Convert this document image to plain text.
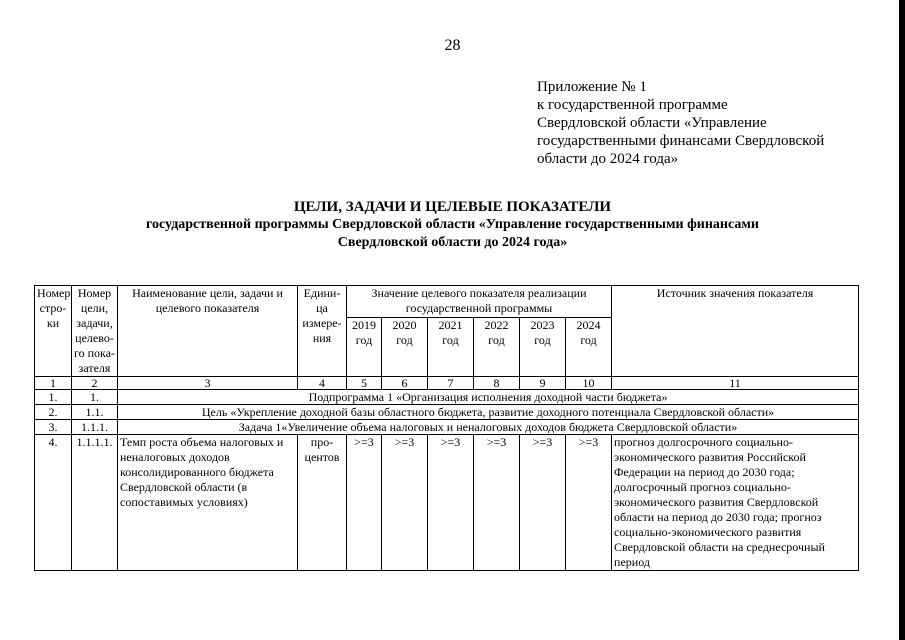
28
Приложение № 1
к государственной программе
Свердловской области «Управление
государственными финансами Свердловской
области до 2024 года»
ЦЕЛИ, ЗАДАЧИ И ЦЕЛЕВЫЕ ПОКАЗАТЕЛИ
государственной программы Свердловской области «Управление государственными финансами
Свердловской области до 2024 года»
Номер стро- ки	Номер цели, задачи, целево- го пока- зателя	Наименование цели, задачи и целевого показателя	Едини- ца измере- ния	Значение целевого показателя реализации государственной программы						Источник значения показателя
				2019 год	2020 год	2021 год	2022 год	2023 год	2024 год	
1	2	3	4	5	6	7	8	9	10	11
1.	1.	Подпрограмма 1 «Организация исполнения доходной части бюджета»								
2.	1.1.	Цель «Укрепление доходной базы областного бюджета, развитие доходного потенциала Свердловской области»								
3.	1.1.1.	Задача 1«Увеличение объема налоговых и неналоговых доходов бюджета Свердловской области»								
4.	1.1.1.1.	Темп роста объема налоговых и неналоговых доходов консолидированного бюджета Свердловской области (в сопоставимых условиях)	про- центов	>=3	>=3	>=3	>=3	>=3	>=3	прогноз долгосрочного социально-экономического развития Российской Федерации на период до 2030 года; долгосрочный прогноз социально-экономического развития Свердловской области на период до 2030 года; прогноз социально-экономического развития Свердловской области на среднесрочный период
